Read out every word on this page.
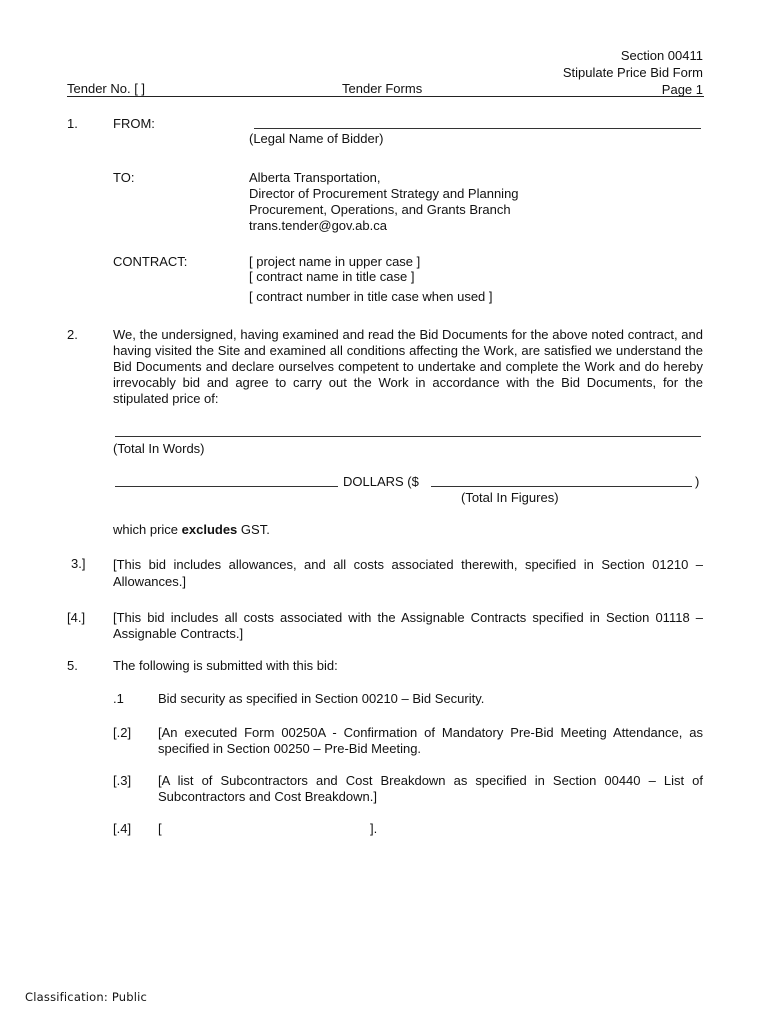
Section 00411
Stipulate Price Bid Form
Page 1
Tender No. [ ]	Tender Forms
1.	FROM:
(Legal Name of Bidder)
TO:	Alberta Transportation,
Director of Procurement Strategy and Planning
Procurement, Operations, and Grants Branch
trans.tender@gov.ab.ca
CONTRACT:	[ project name in upper case ]
[ contract name in title case ]
[ contract number in title case when used ]
2.	We, the undersigned, having examined and read the Bid Documents for the above noted contract, and having visited the Site and examined all conditions affecting the Work, are satisfied we understand the Bid Documents and declare ourselves competent to undertake and complete the Work and do hereby irrevocably bid and agree to carry out the Work in accordance with the Bid Documents, for the stipulated price of:
(Total In Words)
DOLLARS ($	)
(Total In Figures)
which price excludes GST.
3.] [This bid includes allowances, and all costs associated therewith, specified in Section 01210 – Allowances.]
[4.] [This bid includes all costs associated with the Assignable Contracts specified in Section 01118 – Assignable Contracts.]
5.	The following is submitted with this bid:
.1	Bid security as specified in Section 00210 – Bid Security.
[.2] [An executed Form 00250A - Confirmation of Mandatory Pre-Bid Meeting Attendance, as specified in Section 00250 – Pre-Bid Meeting.
[.3] [A list of Subcontractors and Cost Breakdown as specified in Section 00440 – List of Subcontractors and Cost Breakdown.]
[.4] [	].
Classification: Public
